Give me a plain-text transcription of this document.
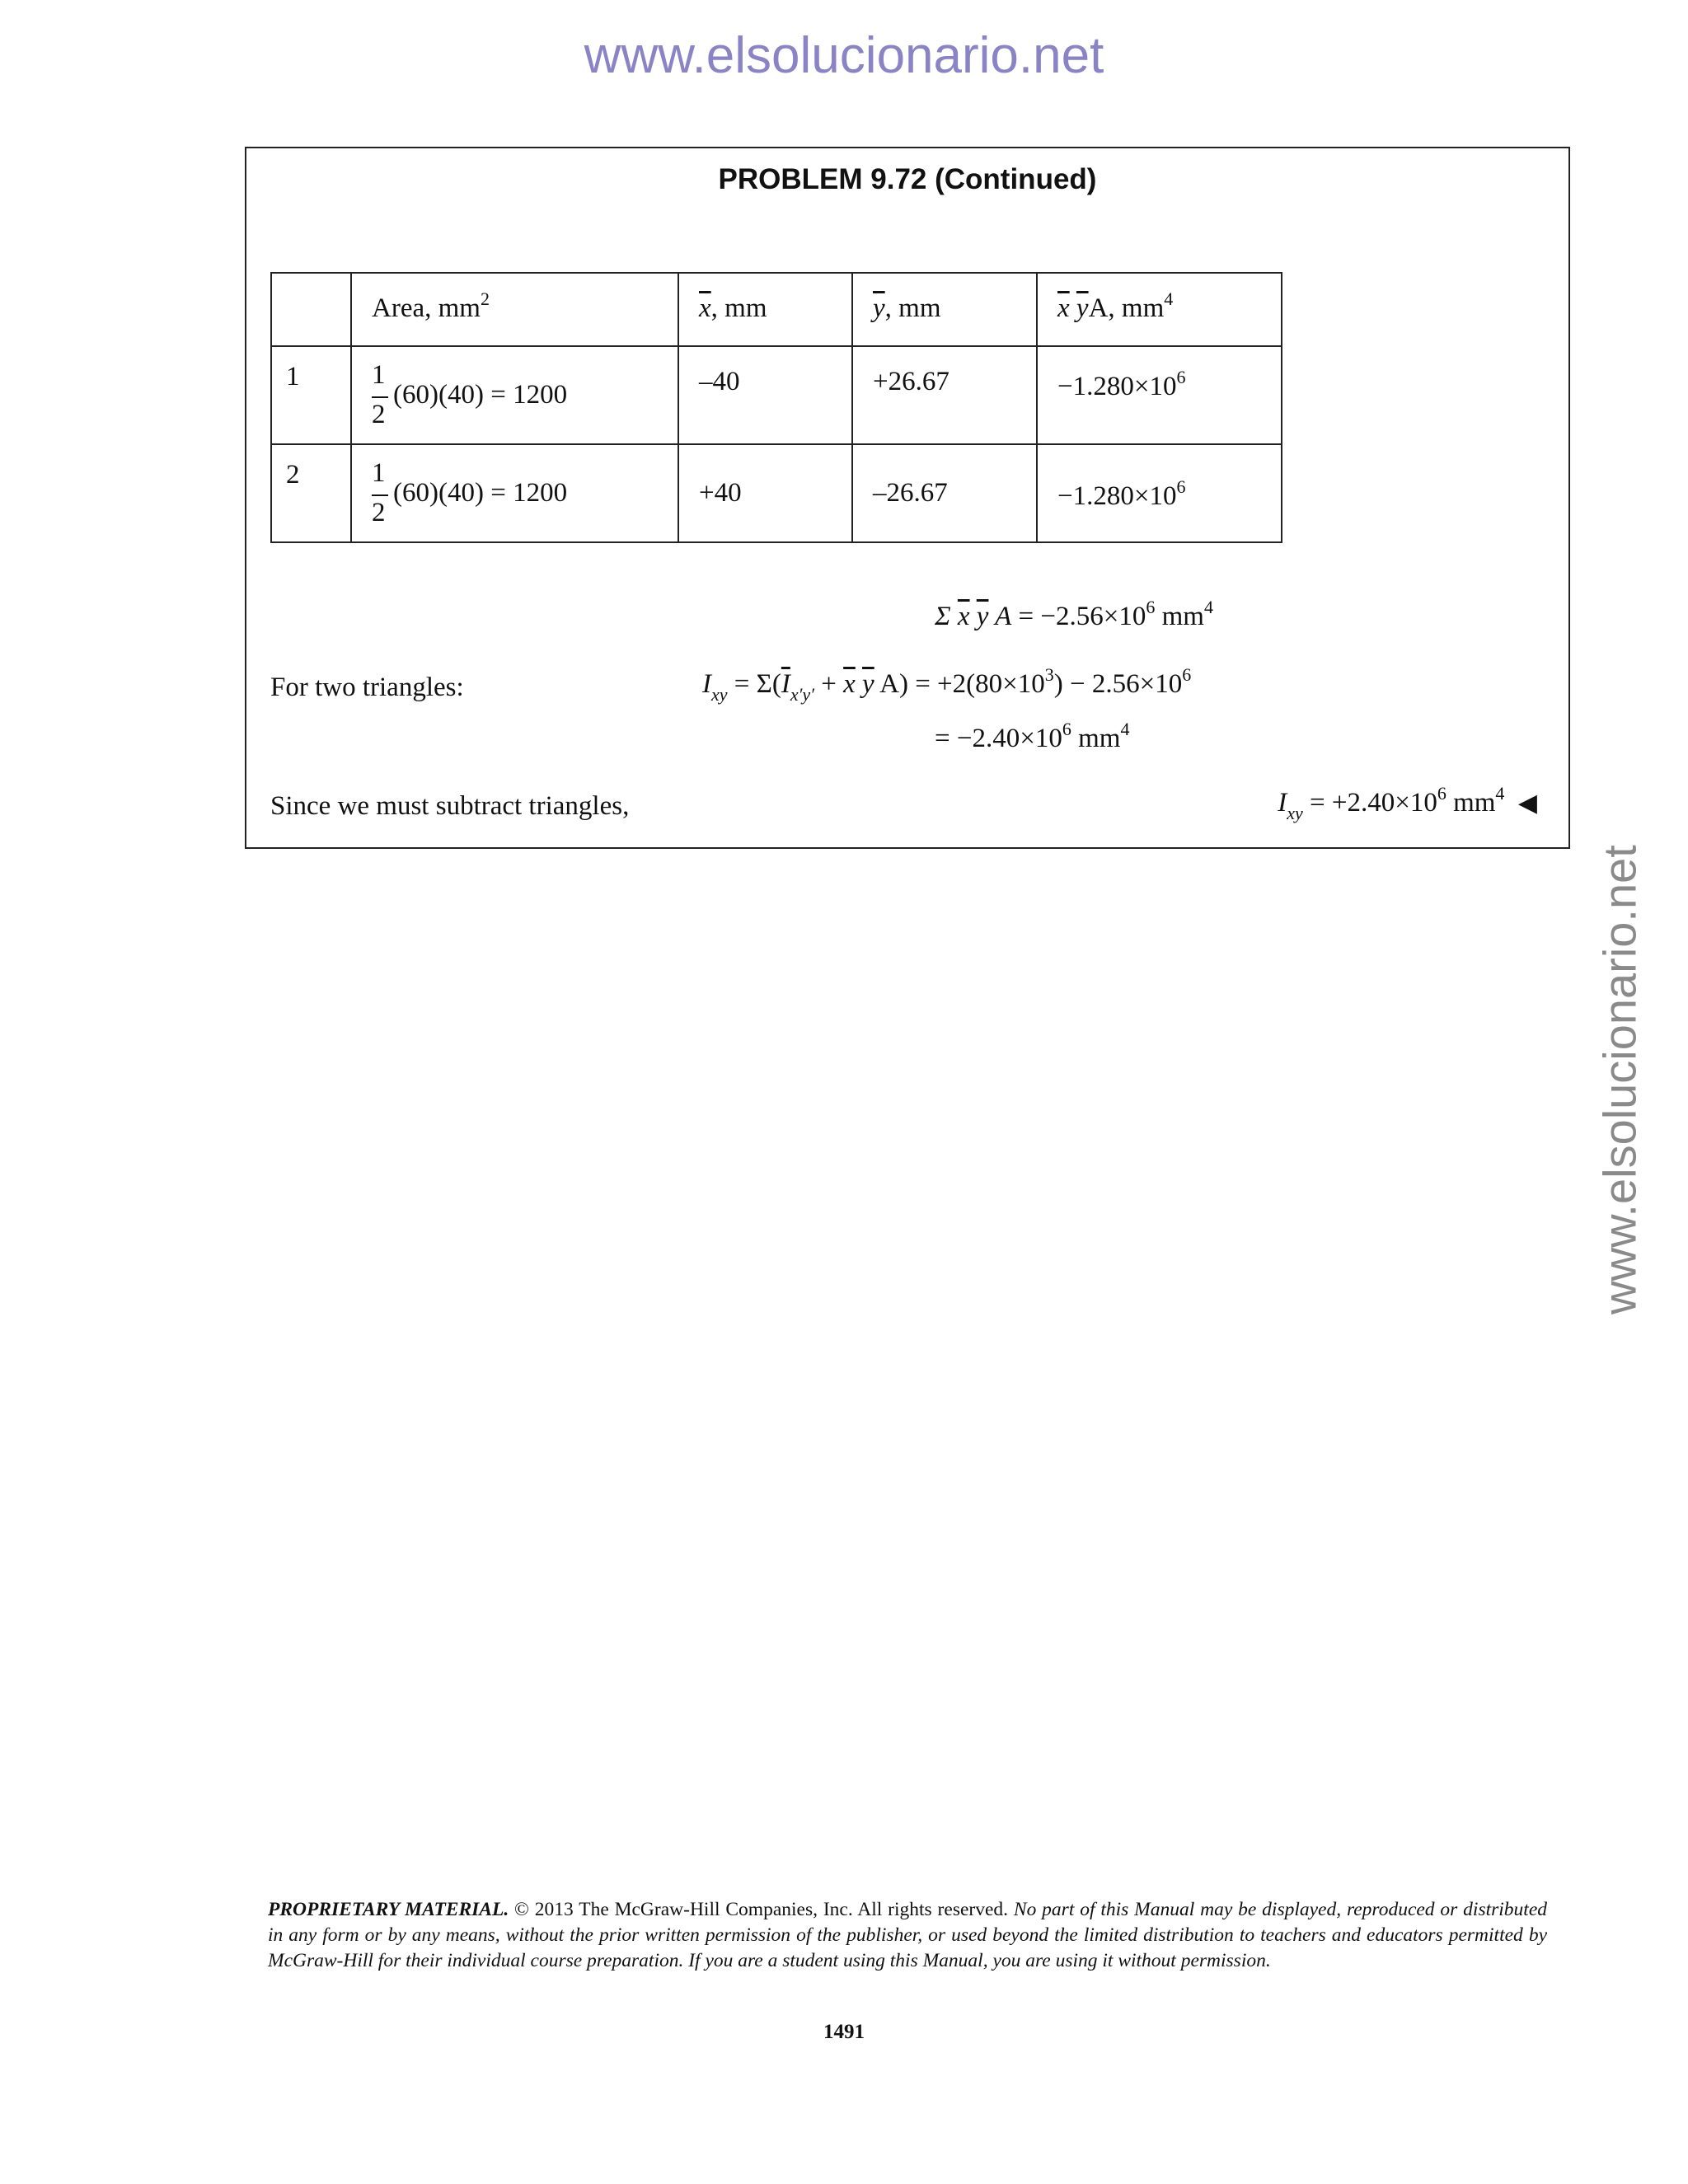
www.elsolucionario.net
www.elsolucionario.net
PROBLEM 9.72 (Continued)

	Area, $mm^2$	$\overline{x}$, mm	$\overline{y}$, mm	$\overline{x}$ $\overline{y}A$, $mm^4$

1	1
2
(60)(40) = 1200	–40	+26.67	$-1.280\times 10^6$

2	1
2
(60)(40) = 1200	+40	–26.67	$-1.280\times 10^6$
Σ $\overline{x}$ $\overline{y}$ $A = -2.56\times 10^6$ $mm^4$
For two triangles:	$I_{xy} = \Sigma(\overline{I}_{x'y'} + \overline{x}$ $\overline{y}$ $A) = +2(80\times 10^3) - 2.56\times 10^6$
= $-2.40\times 10^6$ $mm^4$
Since we must subtract triangles,	$I_{xy} = +2.40\times 10^6$ $mm^4$ ◀
PROPRIETARY MATERIAL. © 2013 The McGraw-Hill Companies, Inc. All rights reserved. No part of this Manual may be displayed, reproduced or distributed in any form or by any means, without the prior written permission of the publisher, or used beyond the limited distribution to teachers and educators permitted by McGraw-Hill for their individual course preparation. If you are a student using this Manual, you are using it without permission.
1491
